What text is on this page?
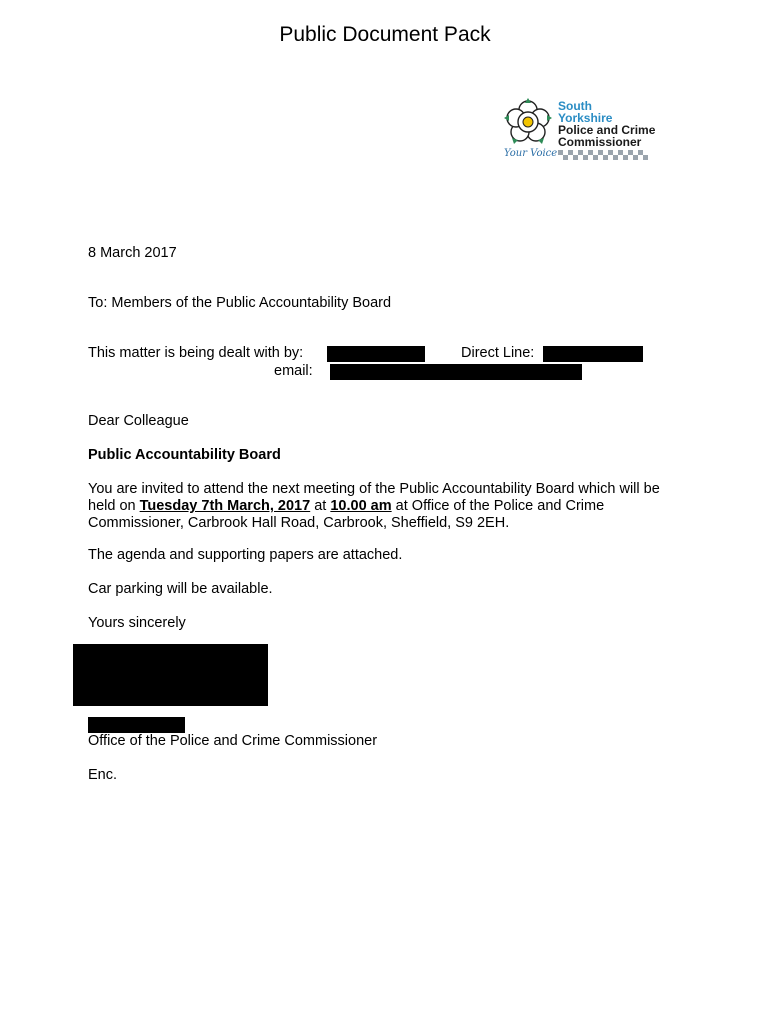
Public Document Pack
South
Yorkshire
Police and Crime
Commissioner
Your Voice
8 March 2017
To: Members of the Public Accountability Board
This matter is being dealt with by:	Direct Line:
email:
Dear Colleague
Public Accountability Board

You are invited to attend the next meeting of the Public Accountability Board which will be held on Tuesday 7th March, 2017 at 10.00 am at Office of the Police and Crime Commissioner, Carbrook Hall Road, Carbrook, Sheffield, S9 2EH.

The agenda and supporting papers are attached.
Car parking will be available.
Yours sincerely
Office of the Police and Crime Commissioner
Enc.
